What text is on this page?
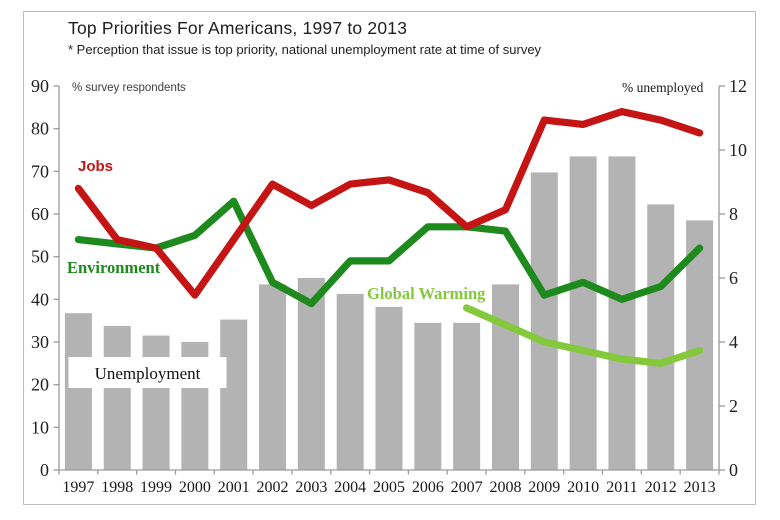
Top Priorities For Americans, 1997 to 2013
* Perception that issue is top priority, national unemployment rate at time of survey
90
80
70
60
50
40
30
20
10
0
12
10
8
6
4
2
0
1997 1998 1999 2000 2001 2002 2003 2004 2005 2006 2007 2008 2009 2010 2011 2012 2013
% survey respondents	% unemployed
Unemployment
Jobs
Environment
Global Warming
